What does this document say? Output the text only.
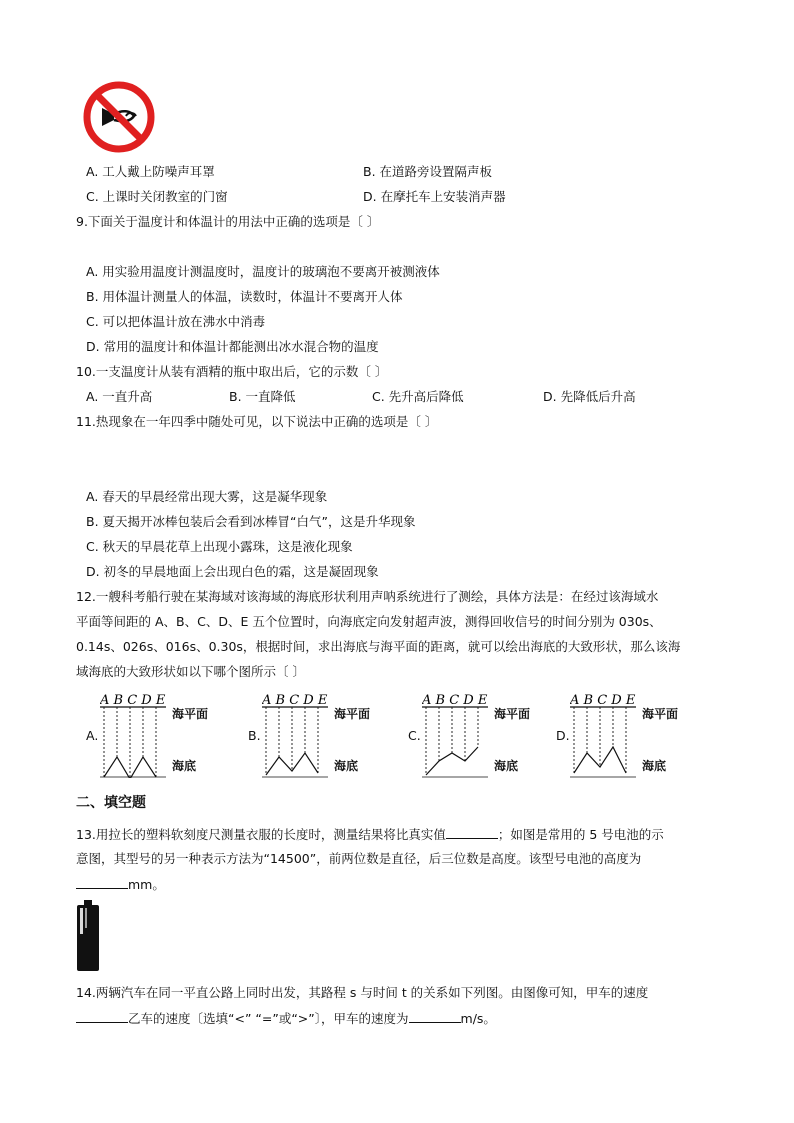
A. 工人戴上防噪声耳罩	B. 在道路旁设置隔声板
C. 上课时关闭教室的门窗	D. 在摩托车上安装消声器
9.下面关于温度计和体温计的用法中正确的选项是〔 〕
A. 用实验用温度计测温度时，温度计的玻璃泡不要离开被测液体
B. 用体温计测量人的体温，读数时，体温计不要离开人体
C. 可以把体温计放在沸水中消毒
D. 常用的温度计和体温计都能测出冰水混合物的温度
10.一支温度计从装有酒精的瓶中取出后，它的示数〔 〕
A. 一直升高	B. 一直降低	C. 先升高后降低	D. 先降低后升高
11.热现象在一年四季中随处可见，以下说法中正确的选项是〔 〕
A. 春天的早晨经常出现大雾，这是凝华现象
B. 夏天揭开冰棒包装后会看到冰棒冒“白气”，这是升华现象
C. 秋天的早晨花草上出现小露珠，这是液化现象
D. 初冬的早晨地面上会出现白色的霜，这是凝固现象
12.一艘科考船行驶在某海域对该海域的海底形状利用声呐系统进行了测绘，具体方法是：在经过该海域水
平面等间距的 A、B、C、D、E 五个位置时，向海底定向发射超声波，测得回收信号的时间分别为 030s、
0.14s、026s、016s、0.30s，根据时间，求出海底与海平面的距离，就可以绘出海底的大致形状，那么该海
域海底的大致形状如以下哪个图所示〔 〕
A.
A B C D E
海平面
海底
B.
A B C D E
海平面
海底
C.
A B C D E
海平面
海底
D.
A B C D E
海平面
海底
二、填空题
13.用拉长的塑料软刻度尺测量衣服的长度时，测量结果将比真实值	；如图是常用的 5 号电池的示
意图，其型号的另一种表示方法为“14500”，前两位数是直径，后三位数是高度。该型号电池的高度为
mm。
14.两辆汽车在同一平直公路上同时出发，其路程 s 与时间 t 的关系如下列图。由图像可知，甲车的速度
乙车的速度〔选填“<” “=”或“>”〕，甲车的速度为	m/s。
